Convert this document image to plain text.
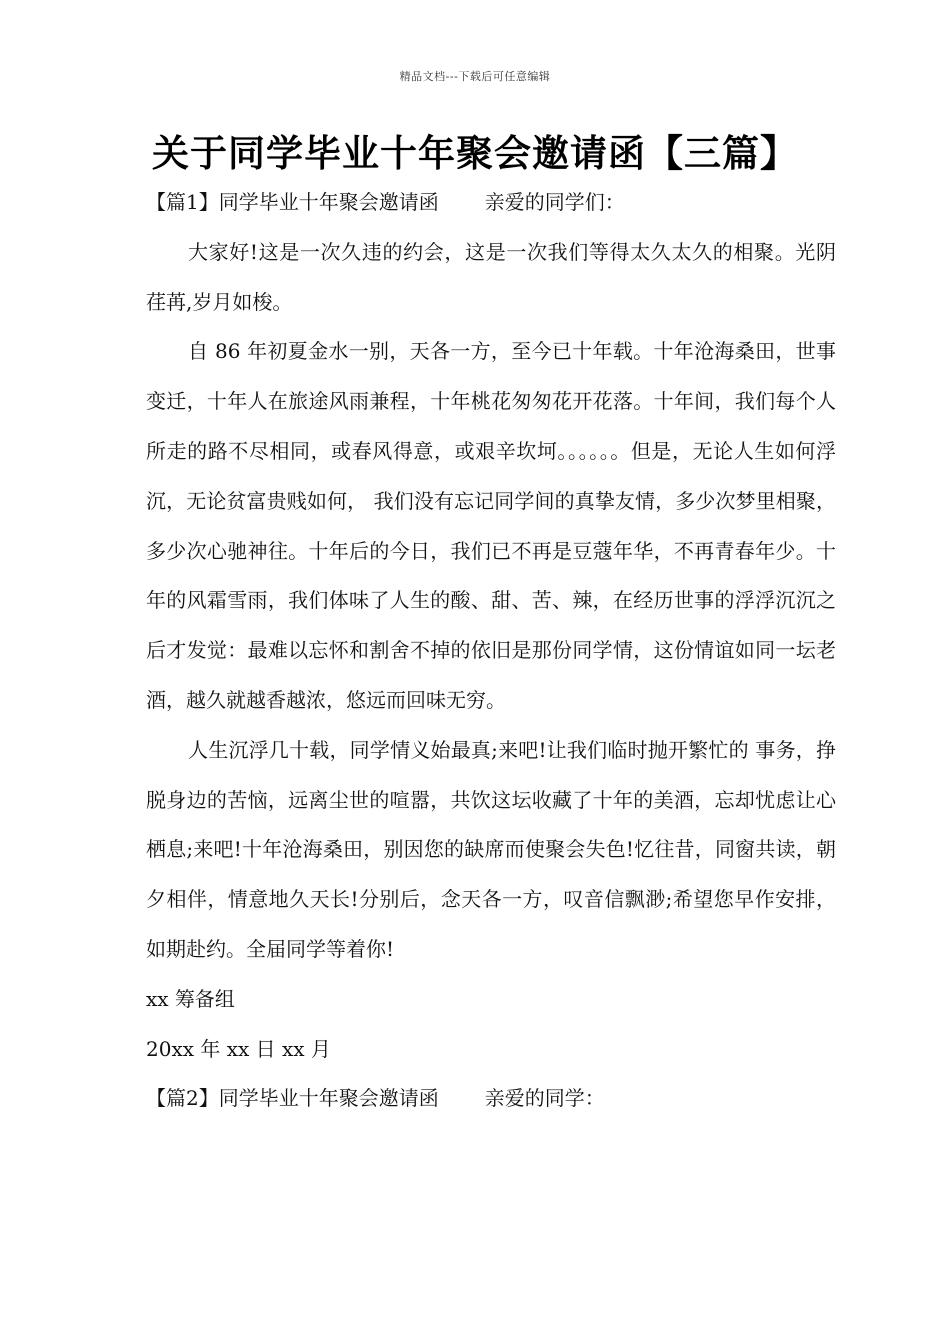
精品文档---下载后可任意编辑
关于同学毕业十年聚会邀请函【三篇】

【篇1】同学毕业十年聚会邀请函 亲爱的同学们：

大家好!这是一次久违的约会，这是一次我们等得太久太久的相聚。光阴荏苒,岁月如梭。

自 86 年初夏金水一别，天各一方，至今已十年载。十年沧海桑田，世事变迁，十年人在旅途风雨兼程，十年桃花匆匆花开花落。十年间，我们每个人所走的路不尽相同，或春风得意，或艰辛坎坷。。。。。。但是，无论人生如何浮沉，无论贫富贵贱如何， 我们没有忘记同学间的真挚友情，多少次梦里相聚，多少次心驰神往。十年后的今日，我们已不再是豆蔻年华，不再青春年少。十年的风霜雪雨，我们体味了人生的酸、甜、苦、辣，在经历世事的浮浮沉沉之后才发觉：最难以忘怀和割舍不掉的依旧是那份同学情，这份情谊如同一坛老酒，越久就越香越浓，悠远而回味无穷。

人生沉浮几十载，同学情义始最真;来吧!让我们临时抛开繁忙的 事务，挣脱身边的苦恼，远离尘世的喧嚣，共饮这坛收藏了十年的美酒，忘却忧虑让心栖息;来吧!十年沧海桑田，别因您的缺席而使聚会失色!忆往昔，同窗共读，朝夕相伴，情意地久天长!分别后，念天各一方，叹音信飘渺;希望您早作安排，如期赴约。全届同学等着你!

xx 筹备组

20xx 年 xx 日 xx 月

【篇2】同学毕业十年聚会邀请函 亲爱的同学：
